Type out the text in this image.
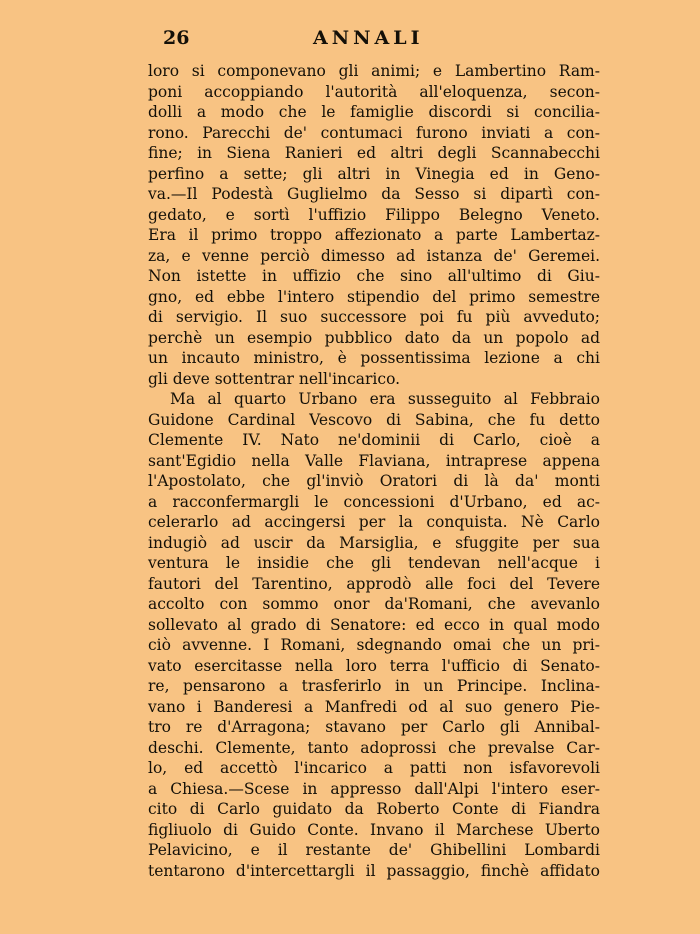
26	ANNALI
loro si componevano gli animi; e Lambertino Ram-
poni accoppiando l'autorità all'eloquenza, secon-
dolli a modo che le famiglie discordi si concilia-
rono. Parecchi de' contumaci furono inviati a con-
fine; in Siena Ranieri ed altri degli Scannabecchi
perfino a sette; gli altri in Vinegia ed in Geno-
va.—Il Podestà Guglielmo da Sesso si dipartì con-
gedato, e sortì l'uffizio Filippo Belegno Veneto.
Era il primo troppo affezionato a parte Lambertaz-
za, e venne perciò dimesso ad istanza de' Geremei.
Non istette in uffizio che sino all'ultimo di Giu-
gno, ed ebbe l'intero stipendio del primo semestre
di servigio. Il suo successore poi fu più avveduto;
perchè un esempio pubblico dato da un popolo ad
un incauto ministro, è possentissima lezione a chi
gli deve sottentrar nell'incarico.
Ma al quarto Urbano era susseguito al Febbraio
Guidone Cardinal Vescovo di Sabina, che fu detto
Clemente IV. Nato ne'dominii di Carlo, cioè a
sant'Egidio nella Valle Flaviana, intraprese appena
l'Apostolato, che gl'inviò Oratori di là da' monti
a racconfermargli le concessioni d'Urbano, ed ac-
celerarlo ad accingersi per la conquista. Nè Carlo
indugiò ad uscir da Marsiglia, e sfuggite per sua
ventura le insidie che gli tendevan nell'acque i
fautori del Tarentino, approdò alle foci del Tevere
accolto con sommo onor da'Romani, che avevanlo
sollevato al grado di Senatore: ed ecco in qual modo
ciò avvenne. I Romani, sdegnando omai che un pri-
vato esercitasse nella loro terra l'ufficio di Senato-
re, pensarono a trasferirlo in un Principe. Inclina-
vano i Banderesi a Manfredi od al suo genero Pie-
tro re d'Arragona; stavano per Carlo gli Annibal-
deschi. Clemente, tanto adoprossi che prevalse Car-
lo, ed accettò l'incarico a patti non isfavorevoli
a Chiesa.—Scese in appresso dall'Alpi l'intero eser-
cito di Carlo guidato da Roberto Conte di Fiandra
figliuolo di Guido Conte. Invano il Marchese Uberto
Pelavicino, e il restante de' Ghibellini Lombardi
tentarono d'intercettargli il passaggio, finchè affidato
